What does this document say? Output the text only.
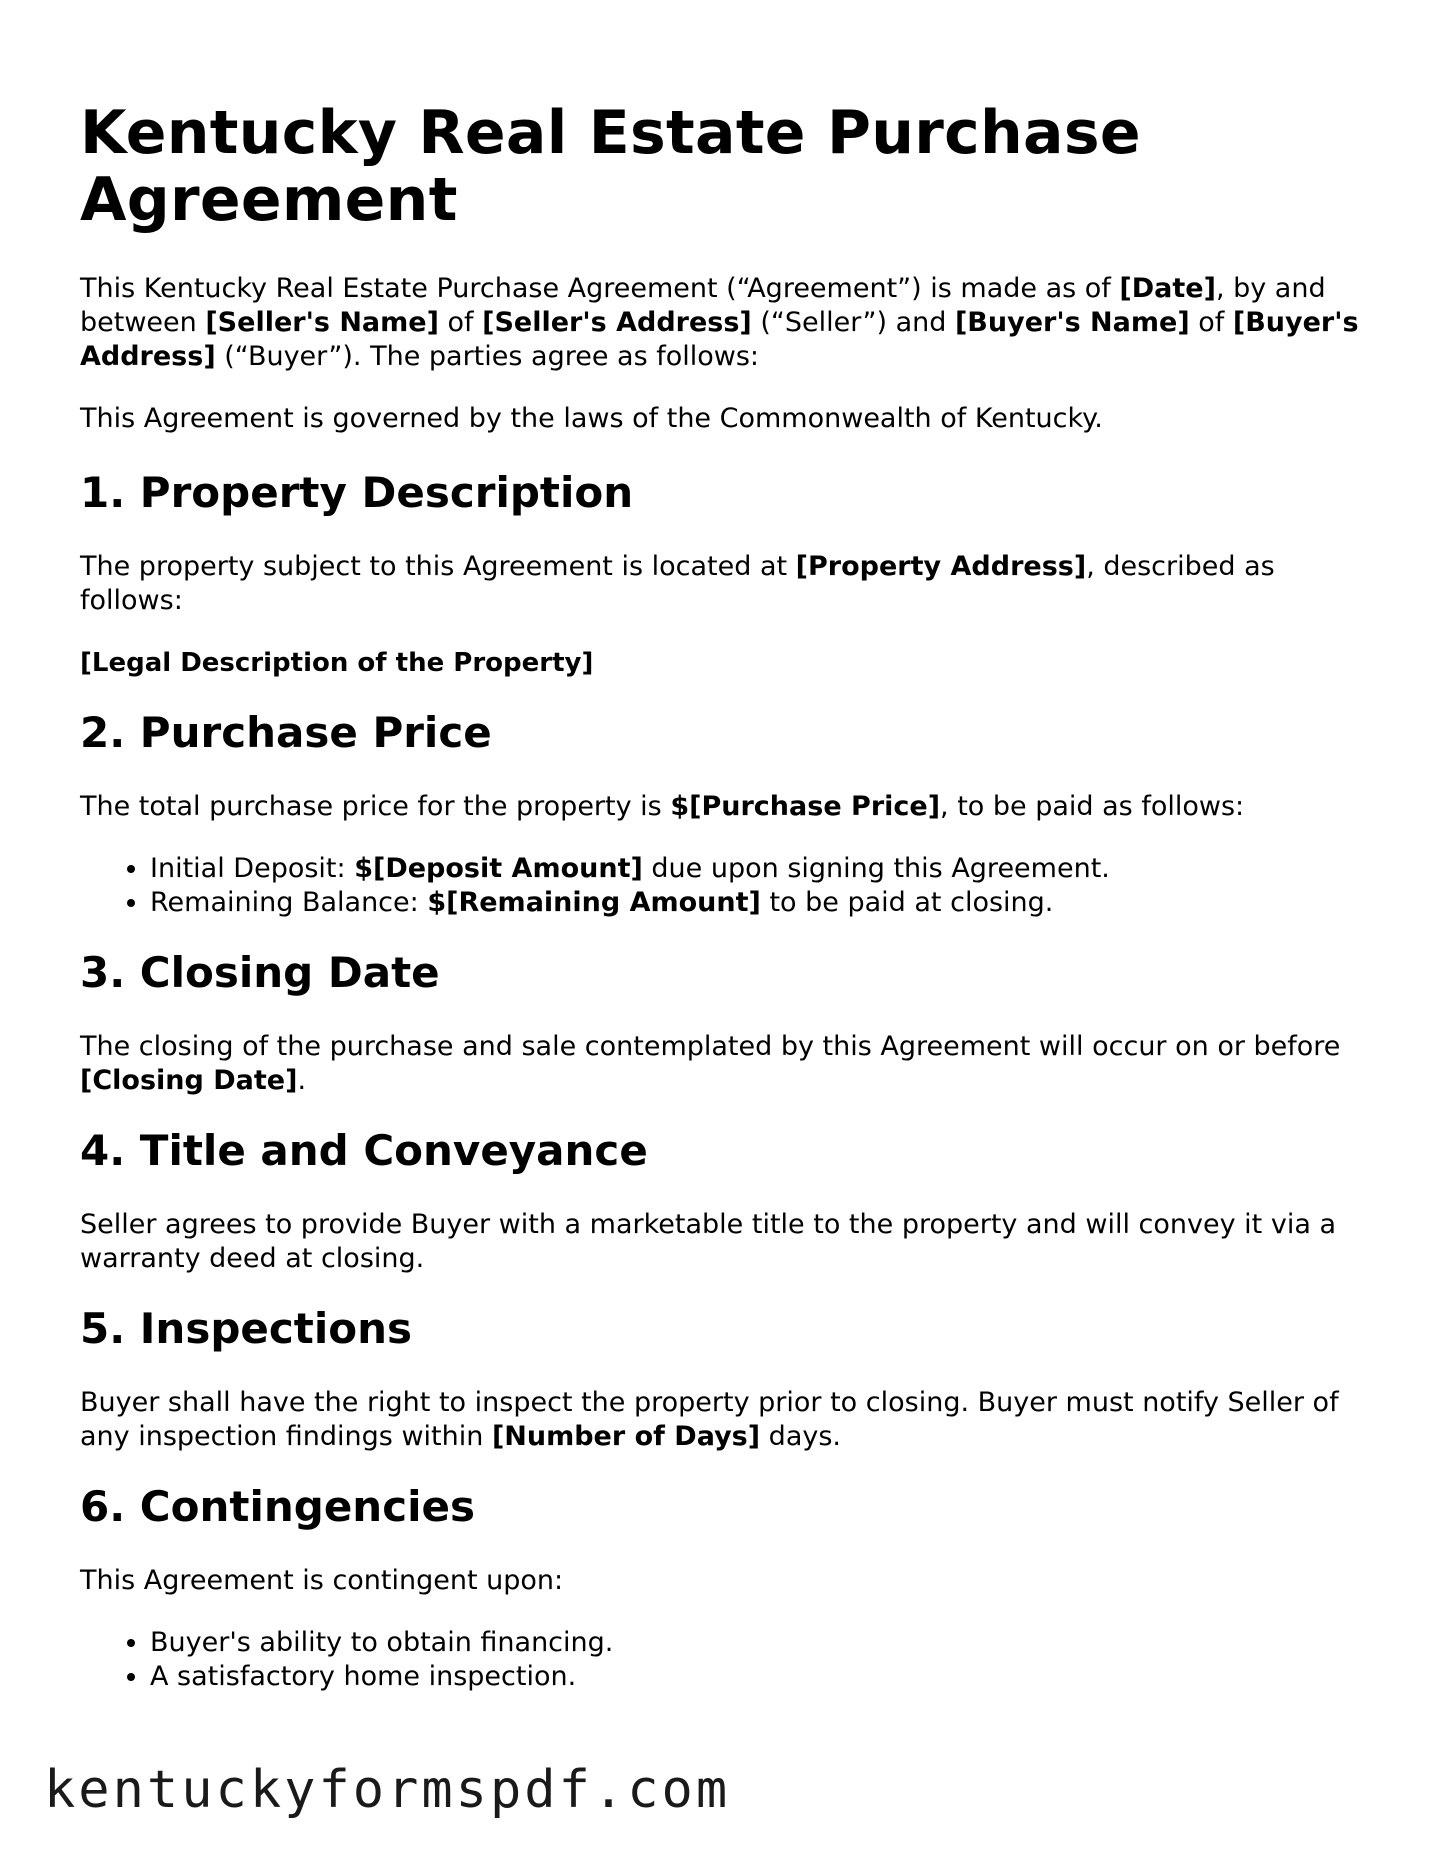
Kentucky Real Estate Purchase Agreement

This Kentucky Real Estate Purchase Agreement (“Agreement”) is made as of [Date], by and between [Seller's Name] of [Seller's Address] (“Seller”) and [Buyer's Name] of [Buyer's Address] (“Buyer”). The parties agree as follows:

This Agreement is governed by the laws of the Commonwealth of Kentucky.

1. Property Description

The property subject to this Agreement is located at [Property Address], described as follows:

[Legal Description of the Property]

2. Purchase Price

The total purchase price for the property is $[Purchase Price], to be paid as follows:

• Initial Deposit: $[Deposit Amount] due upon signing this Agreement.
• Remaining Balance: $[Remaining Amount] to be paid at closing.
3. Closing Date

The closing of the purchase and sale contemplated by this Agreement will occur on or before [Closing Date].

4. Title and Conveyance

Seller agrees to provide Buyer with a marketable title to the property and will convey it via a warranty deed at closing.

5. Inspections

Buyer shall have the right to inspect the property prior to closing. Buyer must notify Seller of any inspection findings within [Number of Days] days.

6. Contingencies

This Agreement is contingent upon:

• Buyer's ability to obtain financing.
• A satisfactory home inspection.
kentuckyformspdf.com
